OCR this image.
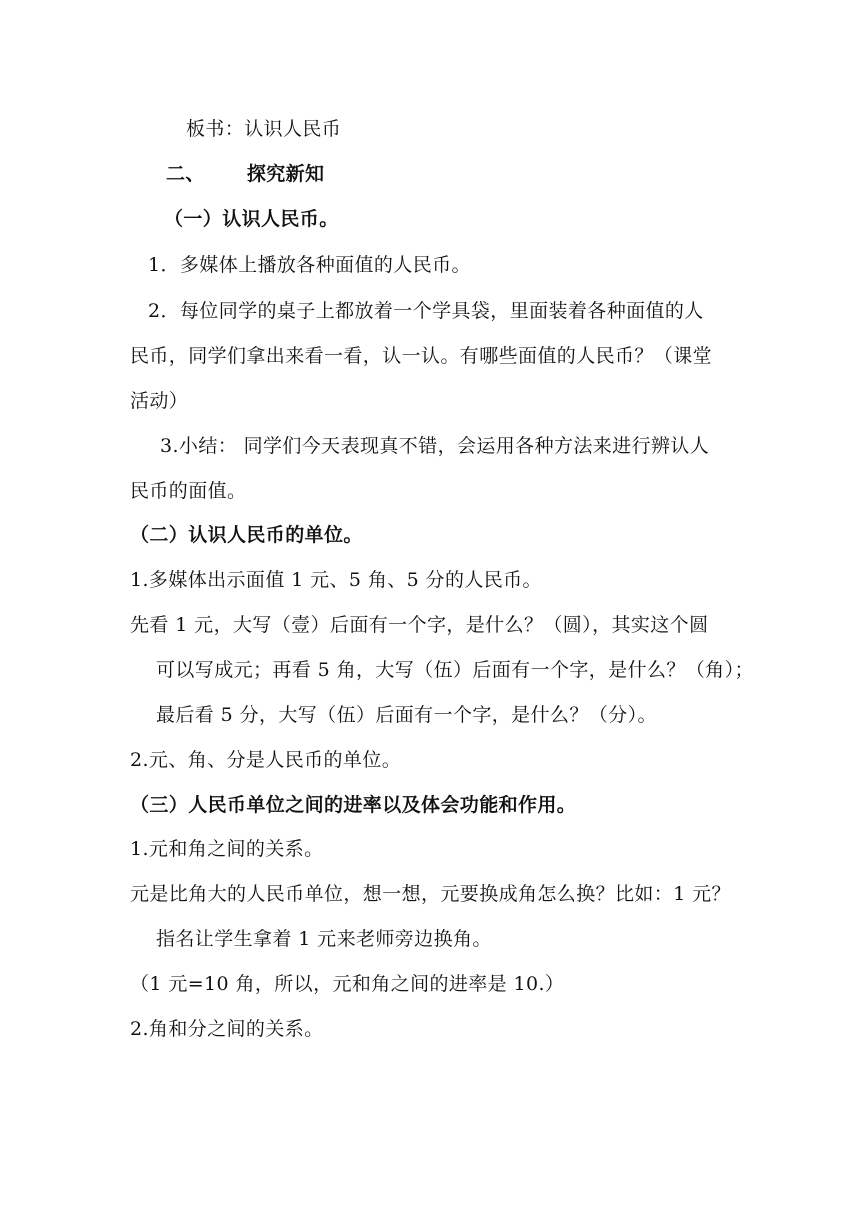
板书：认识人民币
二、 探究新知
（一）认识人民币。
1．多媒体上播放各种面值的人民币。
2．每位同学的桌子上都放着一个学具袋，里面装着各种面值的人
民币，同学们拿出来看一看，认一认。有哪些面值的人民币？（课堂
活动）
3.小结： 同学们今天表现真不错，会运用各种方法来进行辨认人
民币的面值。
（二）认识人民币的单位。
1.多媒体出示面值 1 元、5 角、5 分的人民币。
先看 1 元，大写（壹）后面有一个字，是什么？（圆），其实这个圆
可以写成元；再看 5 角，大写（伍）后面有一个字，是什么？（角）；
最后看 5 分，大写（伍）后面有一个字，是什么？（分）。
2.元、角、分是人民币的单位。
（三）人民币单位之间的进率以及体会功能和作用。
1.元和角之间的关系。
元是比角大的人民币单位，想一想，元要换成角怎么换？比如：1 元？
指名让学生拿着 1 元来老师旁边换角。
（1 元=10 角，所以，元和角之间的进率是 10.）
2.角和分之间的关系。
